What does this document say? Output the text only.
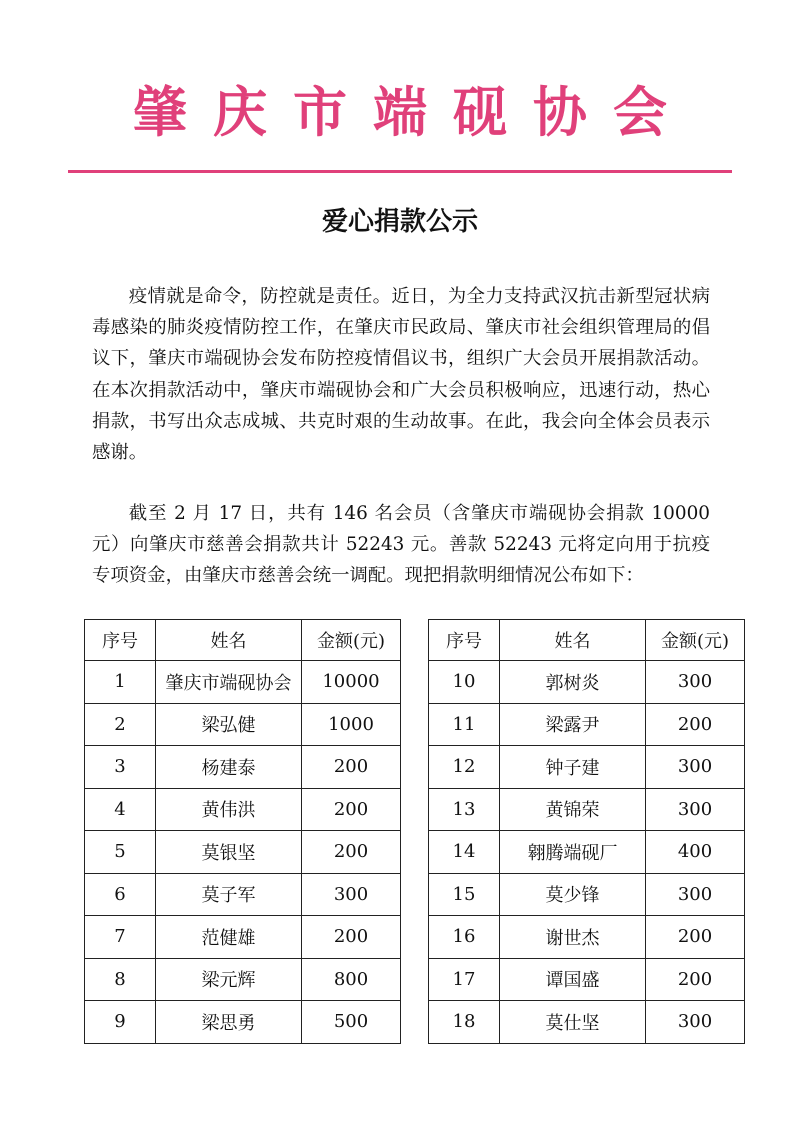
肇庆市端砚协会
爱心捐款公示

疫情就是命令，防控就是责任。近日，为全力支持武汉抗击新型冠状病毒感染的肺炎疫情防控工作，在肇庆市民政局、肇庆市社会组织管理局的倡议下，肇庆市端砚协会发布防控疫情倡议书，组织广大会员开展捐款活动。在本次捐款活动中，肇庆市端砚协会和广大会员积极响应，迅速行动，热心捐款，书写出众志成城、共克时艰的生动故事。在此，我会向全体会员表示感谢。

截至 2 月 17 日，共有 146 名会员（含肇庆市端砚协会捐款 10000 元）向肇庆市慈善会捐款共计 52243 元。善款 52243 元将定向用于抗疫专项资金，由肇庆市慈善会统一调配。现把捐款明细情况公布如下：

序号	姓名	金额(元)
1	肇庆市端砚协会	10000
2	梁弘健	1000
3	杨建泰	200
4	黄伟洪	200
5	莫银坚	200
6	莫子军	300
7	范健雄	200
8	梁元辉	800
9	梁思勇	500
序号	姓名	金额(元)
10	郭树炎	300
11	梁露尹	200
12	钟子建	300
13	黄锦荣	300
14	翱腾端砚厂	400
15	莫少锋	300
16	谢世杰	200
17	谭国盛	200
18	莫仕坚	300
